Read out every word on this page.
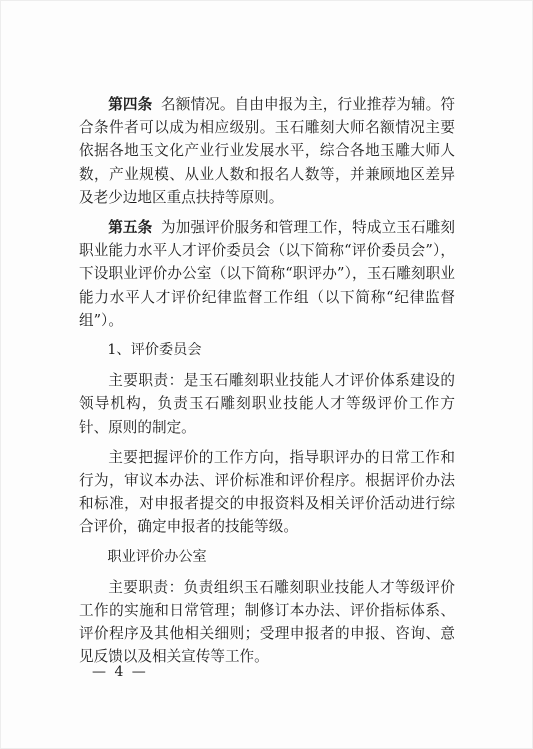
第四条 名额情况。自由申报为主，行业推荐为辅。符合条件者可以成为相应级别。玉石雕刻大师名额情况主要依据各地玉文化产业行业发展水平，综合各地玉雕大师人数，产业规模、从业人数和报名人数等，并兼顾地区差异及老少边地区重点扶持等原则。

第五条 为加强评价服务和管理工作，特成立玉石雕刻职业能力水平人才评价委员会（以下简称“评价委员会”），下设职业评价办公室（以下简称“职评办”），玉石雕刻职业能力水平人才评价纪律监督工作组（以下简称“纪律监督组”）。

1、评价委员会

主要职责：是玉石雕刻职业技能人才评价体系建设的领导机构，负责玉石雕刻职业技能人才等级评价工作方针、原则的制定。

主要把握评价的工作方向，指导职评办的日常工作和行为，审议本办法、评价标准和评价程序。根据评价办法和标准，对申报者提交的申报资料及相关评价活动进行综合评价，确定申报者的技能等级。

职业评价办公室

主要职责：负责组织玉石雕刻职业技能人才等级评价工作的实施和日常管理；制修订本办法、评价指标体系、评价程序及其他相关细则；受理申报者的申报、咨询、意见反馈以及相关宣传等工作。

— 4 —
